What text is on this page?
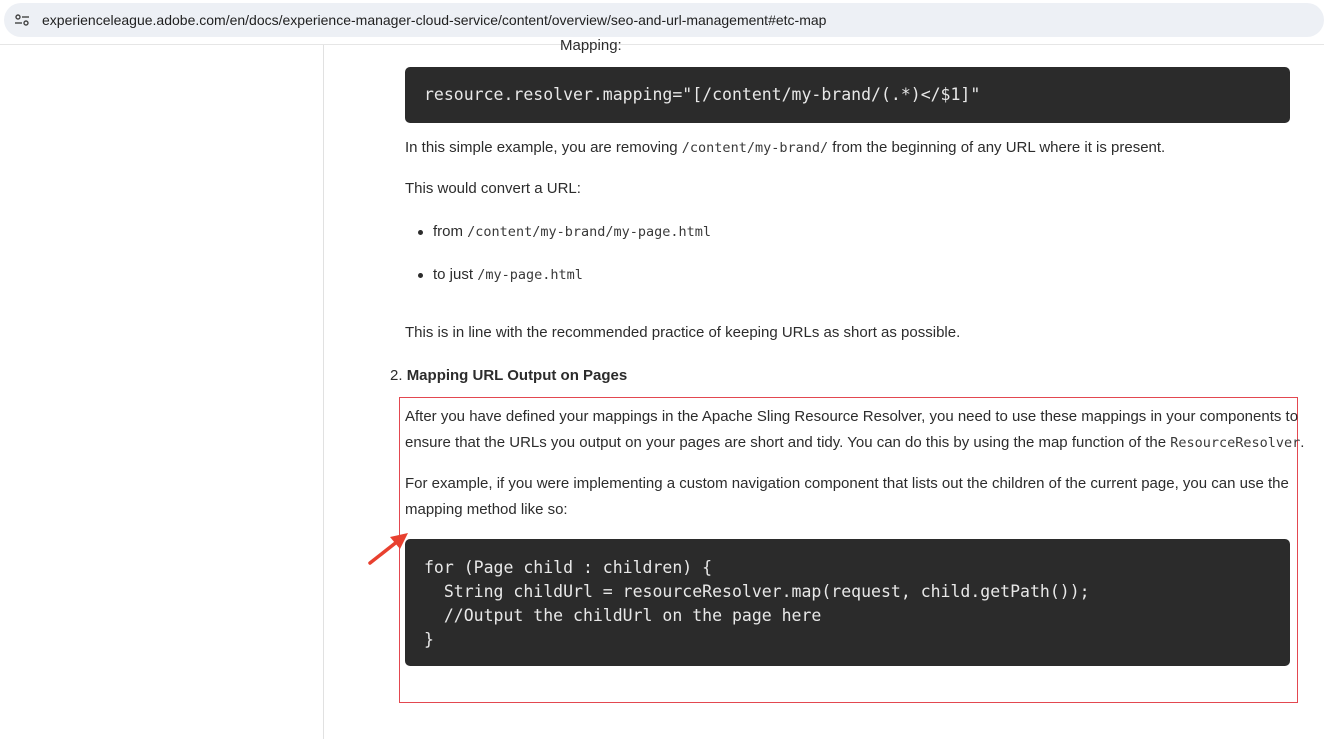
experienceleague.adobe.com/en/docs/experience-manager-cloud-service/content/overview/seo-and-url-management#etc-map
Mapping:
resource.resolver.mapping="[/content/my-brand/(.*)</$1]"
In this simple example, you are removing /content/my-brand/ from the beginning of any URL where it is present.
This would convert a URL:
from /content/my-brand/my-page.html
to just /my-page.html
This is in line with the recommended practice of keeping URLs as short as possible.
2. Mapping URL Output on Pages
After you have defined your mappings in the Apache Sling Resource Resolver, you need to use these mappings in your components to
ensure that the URLs you output on your pages are short and tidy. You can do this by using the map function of the ResourceResolver.
For example, if you were implementing a custom navigation component that lists out the children of the current page, you can use the
mapping method like so:
for (Page child : children) {
String childUrl = resourceResolver.map(request, child.getPath());
//Output the childUrl on the page here
}
